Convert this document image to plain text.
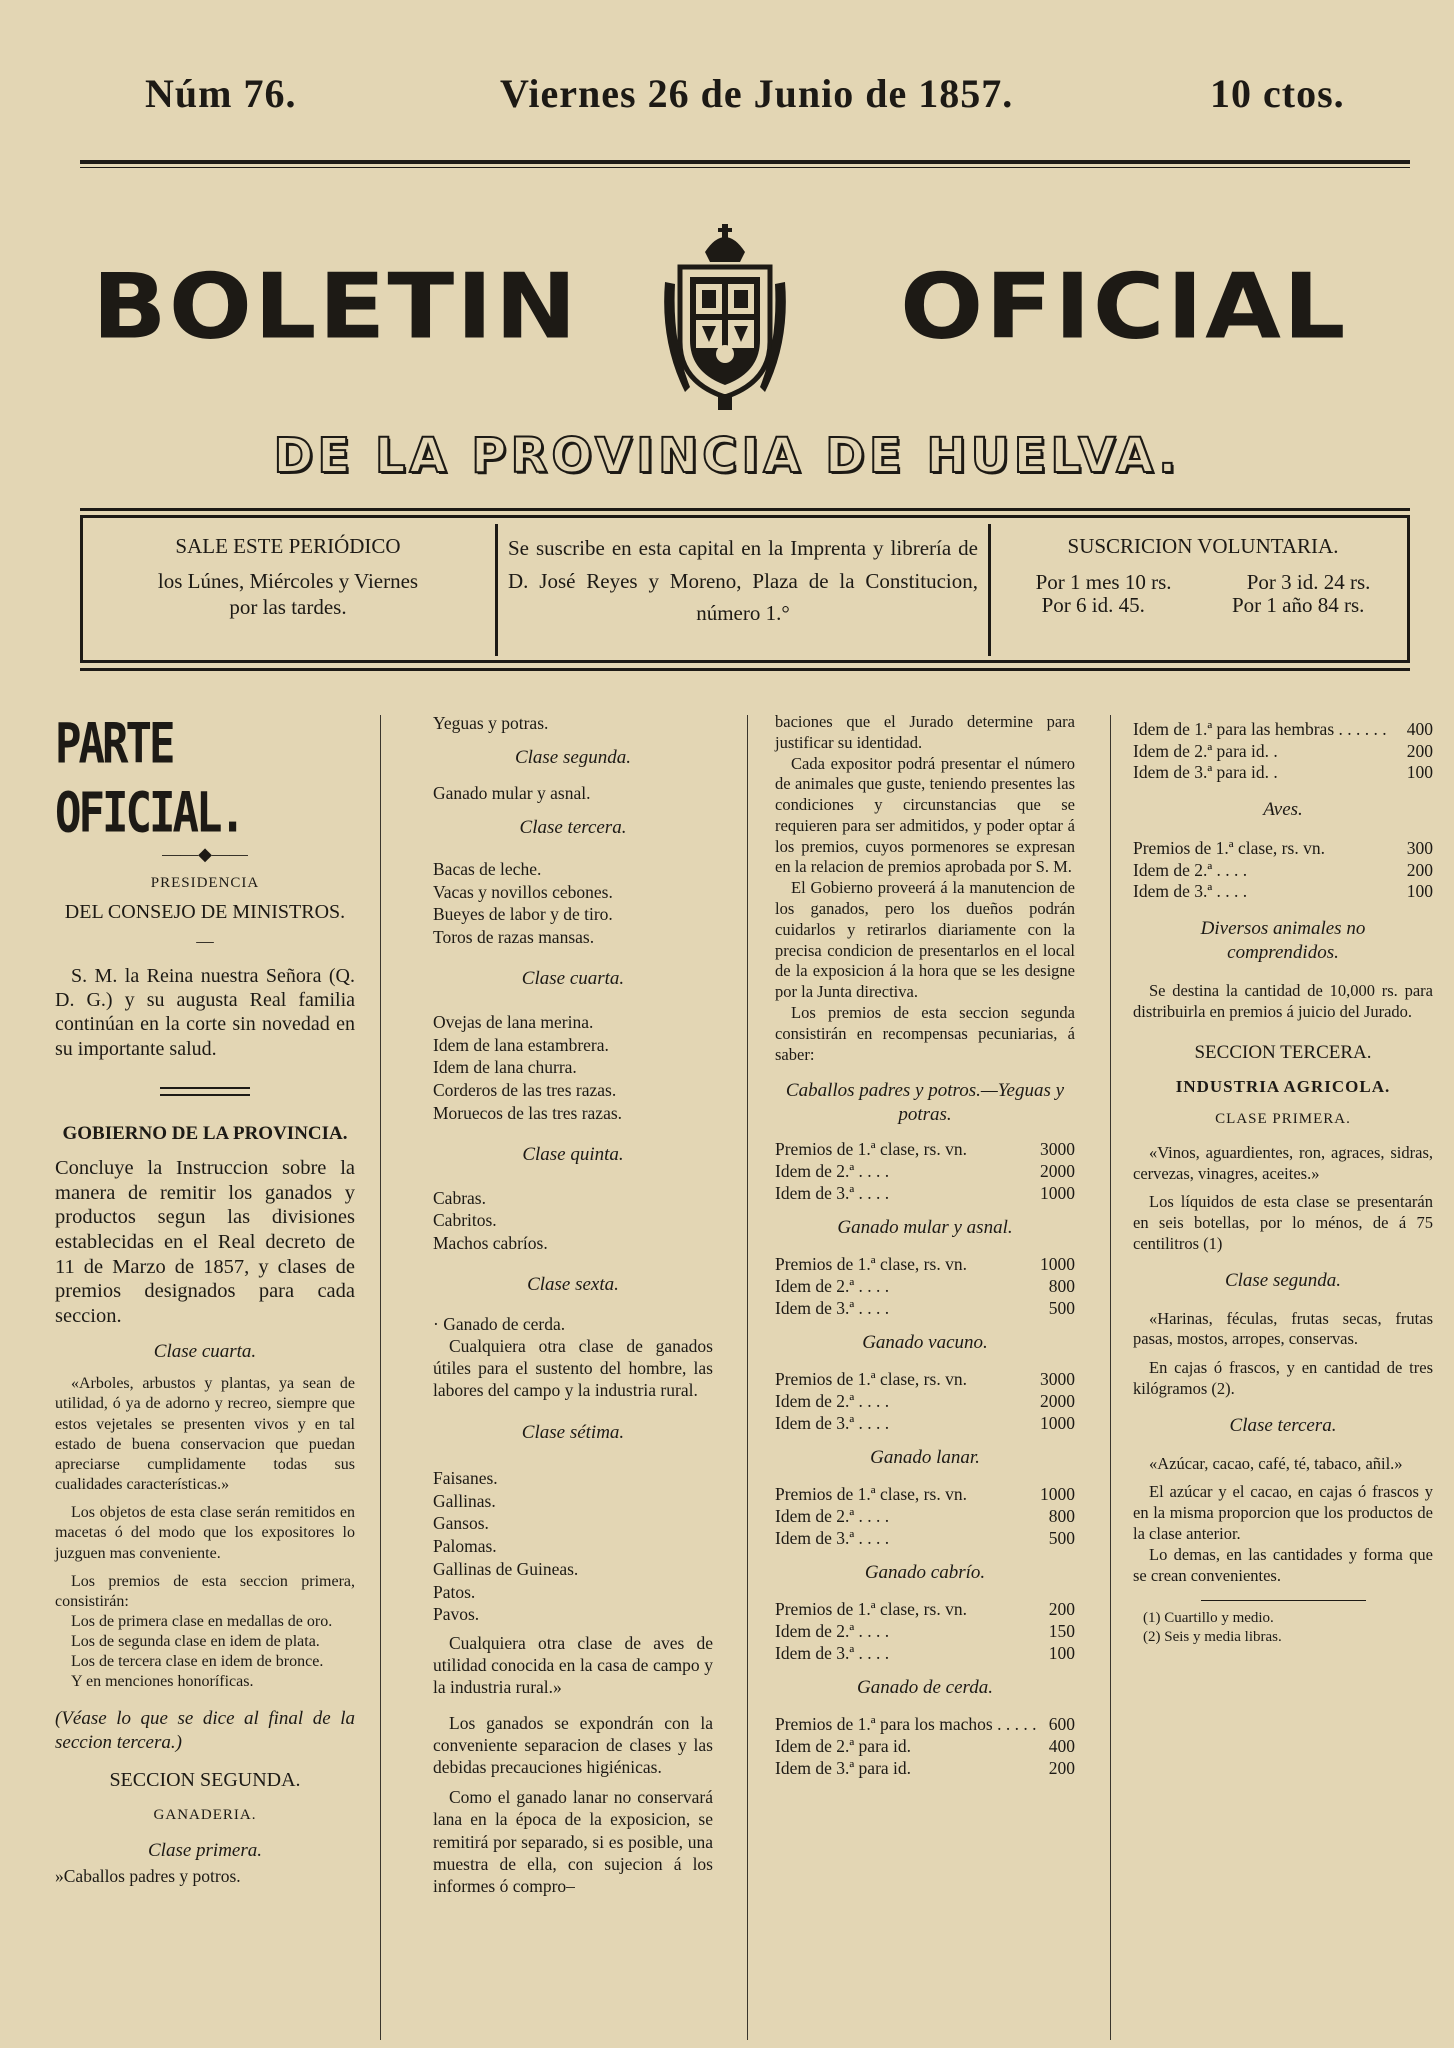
Núm 76.	Viernes 26 de Junio de 1857.	10 ctos.
BOLETIN	OFICIAL
DE LA PROVINCIA DE HUELVA.
SALE ESTE PERIÓDICO
los Lúnes, Miércoles y Viernes por las tardes.
Se suscribe en esta capital en la Imprenta y librería de D. José Reyes y Moreno, Plaza de la Constitucion, número 1.°
SUSCRICION VOLUNTARIA.
Por 1 mes 10 rs.	Por 3 id. 24 rs.
Por 6 id. 45.	Por 1 año 84 rs.
PARTE OFICIAL.
——◆——
PRESIDENCIA
DEL CONSEJO DE MINISTROS.
—

S. M. la Reina nuestra Señora (Q. D. G.) y su augusta Real familia continúan en la corte sin novedad en su importante salud.

GOBIERNO DE LA PROVINCIA.

Concluye la Instruccion sobre la manera de remitir los ganados y productos segun las divisiones establecidas en el Real decreto de 11 de Marzo de 1857, y clases de premios designados para cada seccion.

Clase cuarta.

«Arboles, arbustos y plantas, ya sean de utilidad, ó ya de adorno y recreo, siempre que estos vejetales se presenten vivos y en tal estado de buena conservacion que puedan apreciarse cumplidamente todas sus cualidades características.»

Los objetos de esta clase serán remitidos en macetas ó del modo que los expositores lo juzguen mas conveniente.

Los premios de esta seccion primera, consistirán:

Los de primera clase en medallas de oro.

Los de segunda clase en idem de plata.

Los de tercera clase en idem de bronce.

Y en menciones honoríficas.

(Véase lo que se dice al final de la seccion tercera.)

SECCION SEGUNDA.
GANADERIA.
Clase primera.
»Caballos padres y potros.
Yeguas y potras.
Clase segunda.
Ganado mular y asnal.
Clase tercera.
Bacas de leche.
Vacas y novillos cebones.
Bueyes de labor y de tiro.
Toros de razas mansas.
Clase cuarta.
Ovejas de lana merina.
Idem de lana estambrera.
Idem de lana churra.
Corderos de las tres razas.
Moruecos de las tres razas.
Clase quinta.
Cabras.
Cabritos.
Machos cabríos.
Clase sexta.
· Ganado de cerda.

Cualquiera otra clase de ganados útiles para el sustento del hombre, las labores del campo y la industria rural.

Clase sétima.
Faisanes.
Gallinas.
Gansos.
Palomas.
Gallinas de Guineas.
Patos.
Pavos.

Cualquiera otra clase de aves de utilidad conocida en la casa de campo y la industria rural.»

Los ganados se expondrán con la conveniente separacion de clases y las debidas precauciones higiénicas.

Como el ganado lanar no conservará lana en la época de la exposicion, se remitirá por separado, si es posible, una muestra de ella, con sujecion á los informes ó compro–

baciones que el Jurado determine para justificar su identidad.

Cada expositor podrá presentar el número de animales que guste, teniendo presentes las condiciones y circunstancias que se requieren para ser admitidos, y poder optar á los premios, cuyos pormenores se expresan en la relacion de premios aprobada por S. M.

El Gobierno proveerá á la manutencion de los ganados, pero los dueños podrán cuidarlos y retirarlos diariamente con la precisa condicion de presentarlos en el local de la exposicion á la hora que se les designe por la Junta directiva.

Los premios de esta seccion segunda consistirán en recompensas pecuniarias, á saber:

Caballos padres y potros.—Yeguas y potras.
Premios de 1.ª clase, rs. vn.	3000
Idem de 2.ª . . . .	2000
Idem de 3.ª . . . .	1000
Ganado mular y asnal.
Premios de 1.ª clase, rs. vn.	1000
Idem de 2.ª . . . .	800
Idem de 3.ª . . . .	500
Ganado vacuno.
Premios de 1.ª clase, rs. vn.	3000
Idem de 2.ª . . . .	2000
Idem de 3.ª . . . .	1000
Ganado lanar.
Premios de 1.ª clase, rs. vn.	1000
Idem de 2.ª . . . .	800
Idem de 3.ª . . . .	500
Ganado cabrío.
Premios de 1.ª clase, rs. vn.	200
Idem de 2.ª . . . .	150
Idem de 3.ª . . . .	100
Ganado de cerda.
Premios de 1.ª para los machos . . . . .	600
Idem de 2.ª para id.	400
Idem de 3.ª para id.	200
Idem de 1.ª para las hembras . . . . . .	400
Idem de 2.ª para id. .	200
Idem de 3.ª para id. .	100
Aves.
Premios de 1.ª clase, rs. vn.	300
Idem de 2.ª . . . .	200
Idem de 3.ª . . . .	100
Diversos animales no comprendidos.

Se destina la cantidad de 10,000 rs. para distribuirla en premios á juicio del Jurado.

SECCION TERCERA.
INDUSTRIA AGRICOLA.
CLASE PRIMERA.

«Vinos, aguardientes, ron, agraces, sidras, cervezas, vinagres, aceites.»

Los líquidos de esta clase se presentarán en seis botellas, por lo ménos, de á 75 centilitros (1)

Clase segunda.

«Harinas, féculas, frutas secas, frutas pasas, mostos, arropes, conservas.

En cajas ó frascos, y en cantidad de tres kilógramos (2).

Clase tercera.

«Azúcar, cacao, café, té, tabaco, añil.»

El azúcar y el cacao, en cajas ó frascos y en la misma proporcion que los productos de la clase anterior.

Lo demas, en las cantidades y forma que se crean convenientes.

(1) Cuartillo y medio.
(2) Seis y media libras.
